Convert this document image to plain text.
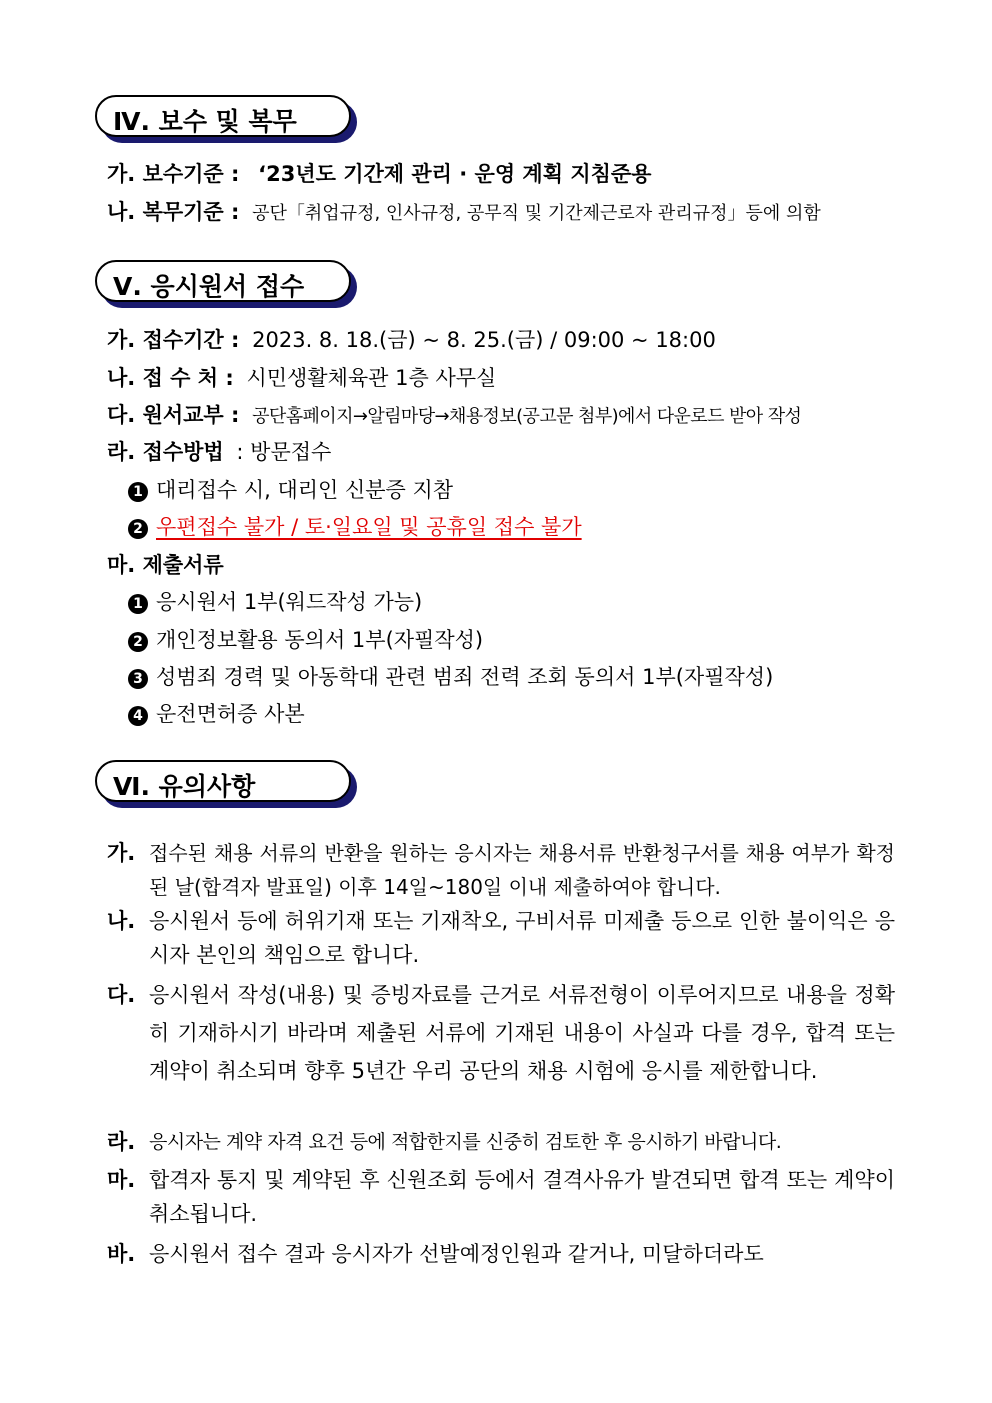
Ⅳ. 보수 및 복무
가. 보수기준 : ‘23년도 기간제 관리 · 운영 계획 지침준용
나. 복무기준 : 공단「취업규정, 인사규정, 공무직 및 기간제근로자 관리규정」등에 의함
Ⅴ. 응시원서 접수
가. 접수기간 : 2023. 8. 18.(금) ~ 8. 25.(금) / 09:00 ~ 18:00
나. 접 수 처 : 시민생활체육관 1층 사무실
다. 원서교부 : 공단홈페이지→알림마당→채용정보(공고문 첨부)에서 다운로드 받아 작성
라. 접수방법 : 방문접수
1 대리접수 시, 대리인 신분증 지참
2 우편접수 불가 / 토·일요일 및 공휴일 접수 불가
마. 제출서류
1 응시원서 1부(워드작성 가능)
2 개인정보활용 동의서 1부(자필작성)
3 성범죄 경력 및 아동학대 관련 범죄 전력 조회 동의서 1부(자필작성)
4 운전면허증 사본
Ⅵ. 유의사항
가. 접수된 채용 서류의 반환을 원하는 응시자는 채용서류 반환청구서를 채용 여부가 확정된 날(합격자 발표일) 이후 14일~180일 이내 제출하여야 합니다.
나. 응시원서 등에 허위기재 또는 기재착오, 구비서류 미제출 등으로 인한 불이익은 응시자 본인의 책임으로 합니다.
다. 응시원서 작성(내용) 및 증빙자료를 근거로 서류전형이 이루어지므로 내용을 정확히 기재하시기 바라며 제출된 서류에 기재된 내용이 사실과 다를 경우, 합격 또는 계약이 취소되며 향후 5년간 우리 공단의 채용 시험에 응시를 제한합니다.
라. 응시자는 계약 자격 요건 등에 적합한지를 신중히 검토한 후 응시하기 바랍니다.
마. 합격자 통지 및 계약된 후 신원조회 등에서 결격사유가 발견되면 합격 또는 계약이 취소됩니다.
바. 응시원서 접수 결과 응시자가 선발예정인원과 같거나, 미달하더라도
